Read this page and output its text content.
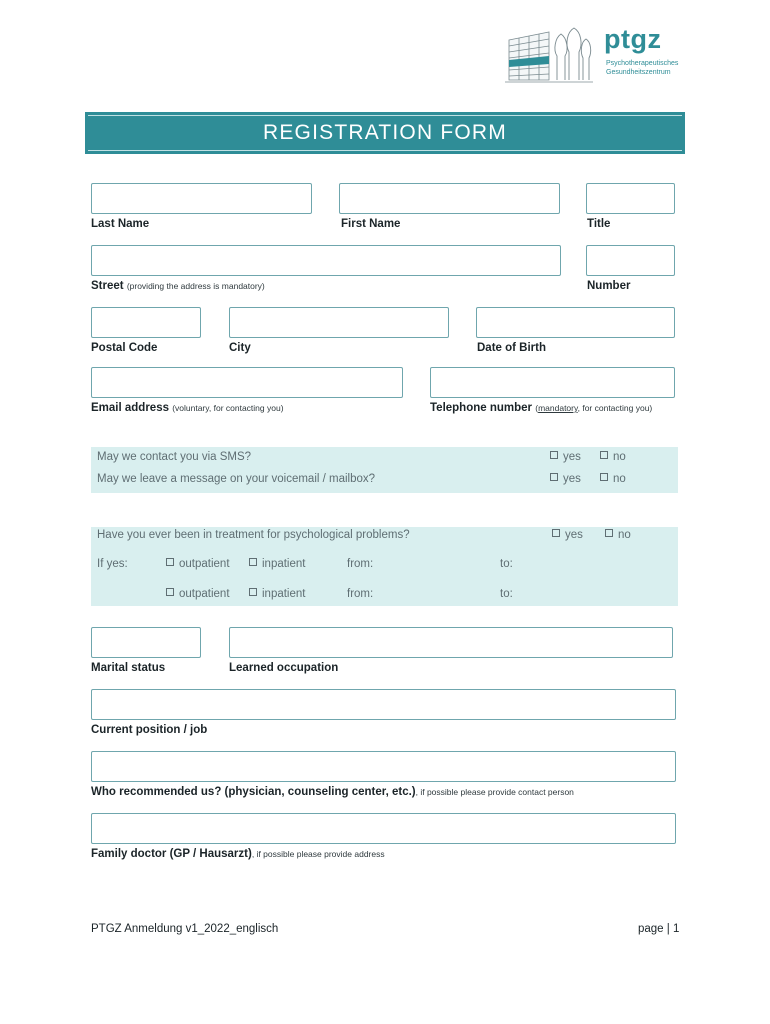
ptgz
Psychotherapeutisches
Gesundheitszentrum
REGISTRATION FORM
Last Name	First Name	Title
Street (providing the address is mandatory)	Number
Postal Code	City	Date of Birth
Email address (voluntary, for contacting you)	Telephone number (mandatory, for contacting you)
May we contact you via SMS?	yes	no
May we leave a message on your voicemail / mailbox?	yes	no
Have you ever been in treatment for psychological problems?	yes	no
If yes:	outpatient	inpatient	from:	to:
outpatient	inpatient	from:	to:
Marital status	Learned occupation
Current position / job
Who recommended us? (physician, counseling center, etc.), if possible please provide contact person
Family doctor (GP / Hausarzt), if possible please provide address
PTGZ Anmeldung v1_2022_englisch	page | 1
